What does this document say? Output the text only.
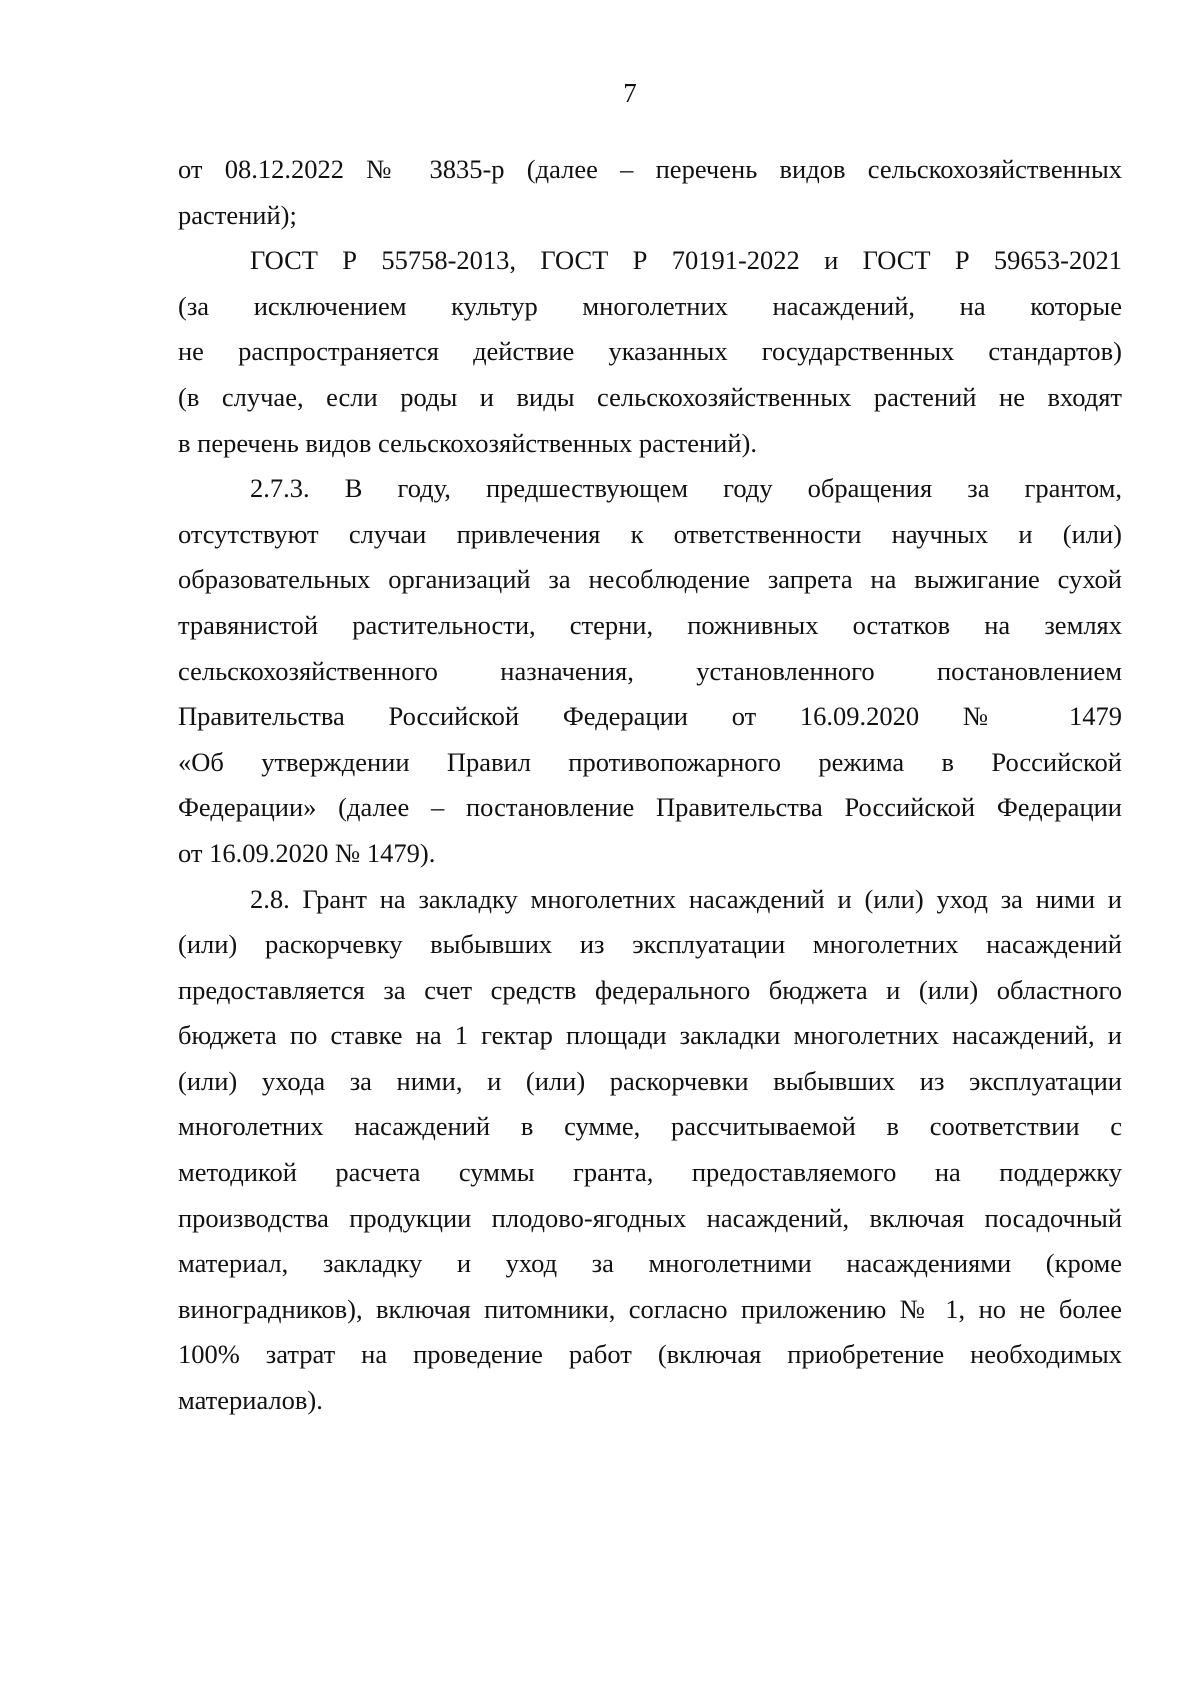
7
от 08.12.2022 № 3835-р (далее – перечень видов сельскохозяйственных
растений);
ГОСТ Р 55758-2013, ГОСТ Р 70191-2022 и ГОСТ Р 59653-2021
(за исключением культур многолетних насаждений, на которые
не распространяется действие указанных государственных стандартов)
(в случае, если роды и виды сельскохозяйственных растений не входят
в перечень видов сельскохозяйственных растений).
2.7.3. В году, предшествующем году обращения за грантом,
отсутствуют случаи привлечения к ответственности научных и (или)
образовательных организаций за несоблюдение запрета на выжигание сухой
травянистой растительности, стерни, пожнивных остатков на землях
сельскохозяйственного назначения, установленного постановлением
Правительства Российской Федерации от 16.09.2020 № 1479
«Об утверждении Правил противопожарного режима в Российской
Федерации» (далее – постановление Правительства Российской Федерации
от 16.09.2020 № 1479).
2.8. Грант на закладку многолетних насаждений и (или) уход за ними и
(или) раскорчевку выбывших из эксплуатации многолетних насаждений
предоставляется за счет средств федерального бюджета и (или) областного
бюджета по ставке на 1 гектар площади закладки многолетних насаждений, и
(или) ухода за ними, и (или) раскорчевки выбывших из эксплуатации
многолетних насаждений в сумме, рассчитываемой в соответствии с
методикой расчета суммы гранта, предоставляемого на поддержку
производства продукции плодово-ягодных насаждений, включая посадочный
материал, закладку и уход за многолетними насаждениями (кроме
виноградников), включая питомники, согласно приложению № 1, но не более
100% затрат на проведение работ (включая приобретение необходимых
материалов).
